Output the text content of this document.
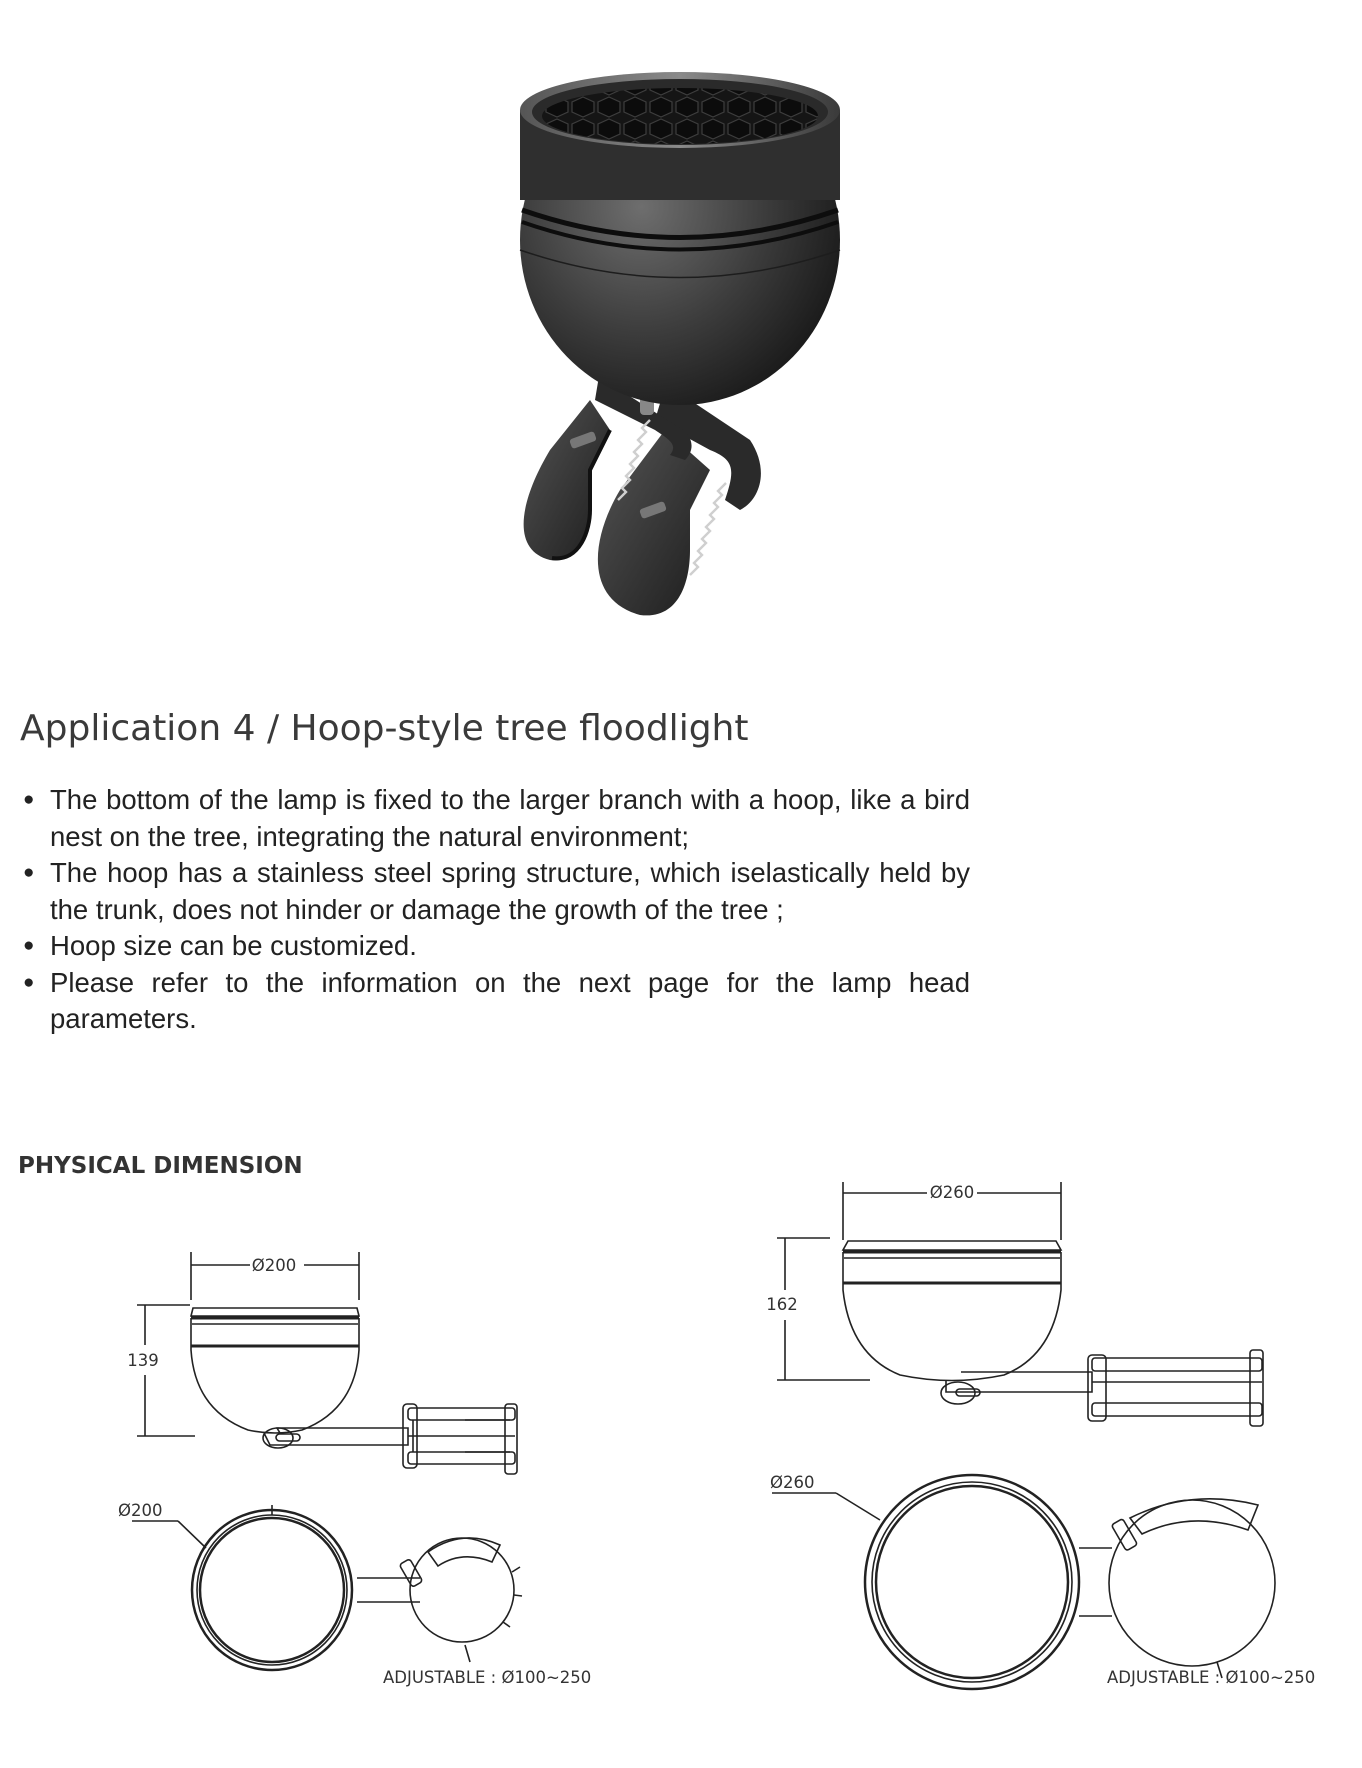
Application 4 / Hoop-style tree floodlight
● The bottom of the lamp is fixed to the larger branch with a hoop, like a bird nest on the tree, integrating the natural environment;
● The hoop has a stainless steel spring structure, which iselastically held by the trunk, does not hinder or damage the growth of the tree ;
● Hoop size can be customized.
● Please refer to the information on the next page for the lamp head parameters.
PHYSICAL DIMENSION
Ø200
139
Ø200
ADJUSTABLE : Ø100~250
Ø260
162
Ø260
ADJUSTABLE : Ø100~250
